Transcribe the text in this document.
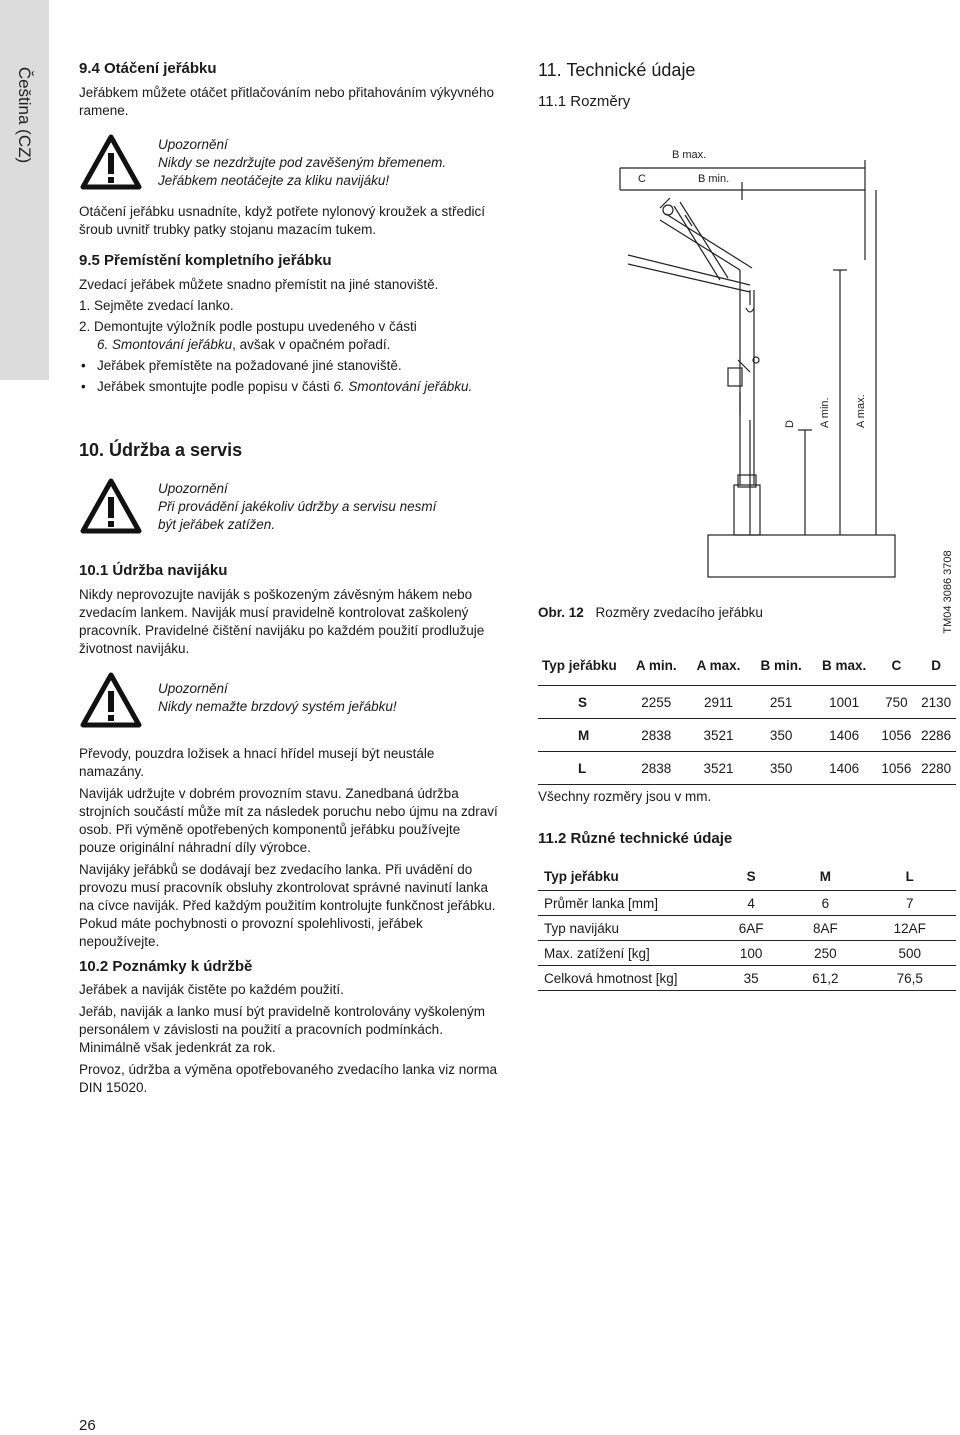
Čeština (CZ)	9.4 Otáčení jeřábku

Jeřábkem můžete otáčet přitlačováním nebo přitahováním výkyvného ramene.

Upozornění
Nikdy se nezdržujte pod zavěšeným břemenem.
Jeřábkem neotáčejte za kliku navijáku!

Otáčení jeřábku usnadníte, když potřete nylonový kroužek a středicí šroub uvnitř trubky patky stojanu mazacím tukem.

9.5 Přemístění kompletního jeřábku

Zvedací jeřábek můžete snadno přemístit na jiné stanoviště.

1. Sejměte zvedací lanko.

2. Demontujte výložník podle postupu uvedeného v části

6. Smontování jeřábku, avšak v opačném pořadí.

• Jeřábek přemístěte na požadované jiné stanoviště.
• Jeřábek smontujte podle popisu v části 6. Smontování jeřábku.
10. Údržba a servis
Upozornění
Při provádění jakékoliv údržby a servisu nesmí
být jeřábek zatížen.
10.1 Údržba navijáku

Nikdy neprovozujte naviják s poškozeným závěsným hákem nebo zvedacím lankem. Naviják musí pravidelně kontrolovat zaškolený pracovník. Pravidelné čištění navijáku po každém použití prodlužuje životnost navijáku.

Upozornění
Nikdy nemažte brzdový systém jeřábku!

Převody, pouzdra ložisek a hnací hřídel musejí být neustále namazány.

Naviják udržujte v dobrém provozním stavu. Zanedbaná údržba strojních součástí může mít za následek poruchu nebo újmu na zdraví osob. Při výměně opotřebených komponentů jeřábku používejte pouze originální náhradní díly výrobce.

Navijáky jeřábků se dodávají bez zvedacího lanka. Při uvádění do provozu musí pracovník obsluhy zkontrolovat správné navinutí lanka na cívce naviják. Před každým použitím kontrolujte funkčnost jeřábku. Pokud máte pochybnosti o provozní spolehlivosti, jeřábek nepoužívejte.

10.2 Poznámky k údržbě

Jeřábek a naviják čistěte po každém použití.

Jeřáb, naviják a lanko musí být pravidelně kontrolovány vyškoleným personálem v závislosti na použití a pracovních podmínkách. Minimálně však jedenkrát za rok.

Provoz, údržba a výměna opotřebovaného zvedacího lanka viz norma DIN 15020.

26
11. Technické údaje
11.1 Rozměry
B max.
C	B min.
D A min. A max.
TM04 3086 3708
Obr. 12 Rozměry zvedacího jeřábku
Typ jeřábku	A min.	A max.	B min.	B max.	C	D
S	2255	2911	251	1001	750	2130
M	2838	3521	350	1406	1056	2286
L	2838	3521	350	1406	1056	2280

Všechny rozměry jsou v mm.

11.2 Různé technické údaje
Typ jeřábku	S	M	L
Průměr lanka [mm]	4	6	7
Typ navijáku	6AF	8AF	12AF
Max. zatížení [kg]	100	250	500
Celková hmotnost [kg]	35	61,2	76,5
